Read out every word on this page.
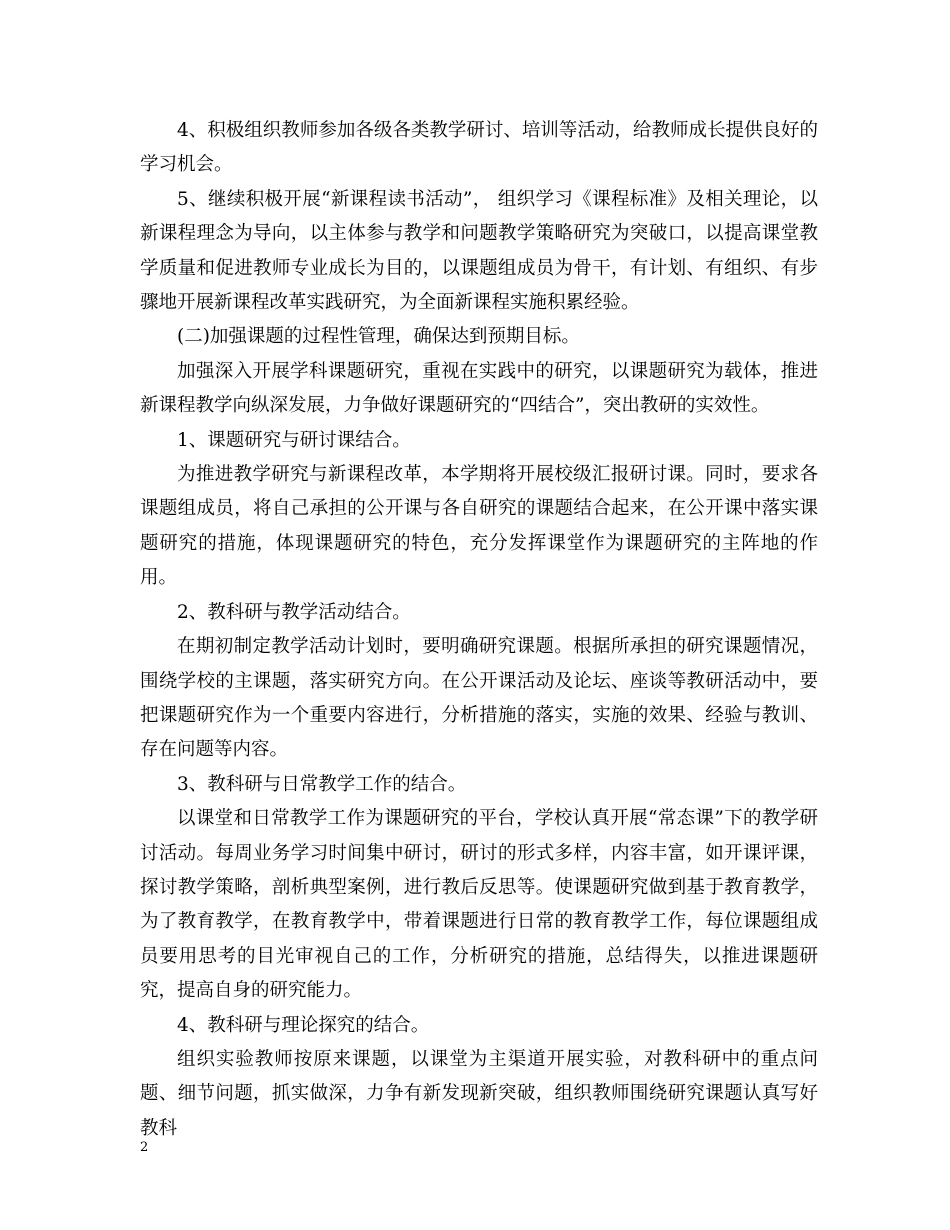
4、积极组织教师参加各级各类教学研讨、培训等活动，给教师成长提供良好的学习机会。

5、继续积极开展“新课程读书活动”， 组织学习《课程标准》及相关理论，以新课程理念为导向，以主体参与教学和问题教学策略研究为突破口，以提高课堂教学质量和促进教师专业成长为目的，以课题组成员为骨干，有计划、有组织、有步骤地开展新课程改革实践研究，为全面新课程实施积累经验。

(二)加强课题的过程性管理，确保达到预期目标。

加强深入开展学科课题研究，重视在实践中的研究，以课题研究为载体，推进新课程教学向纵深发展，力争做好课题研究的“四结合”，突出教研的实效性。

1、课题研究与研讨课结合。

为推进教学研究与新课程改革，本学期将开展校级汇报研讨课。同时，要求各课题组成员，将自己承担的公开课与各自研究的课题结合起来，在公开课中落实课题研究的措施，体现课题研究的特色，充分发挥课堂作为课题研究的主阵地的作用。

2、教科研与教学活动结合。

在期初制定教学活动计划时，要明确研究课题。根据所承担的研究课题情况，围绕学校的主课题，落实研究方向。在公开课活动及论坛、座谈等教研活动中，要把课题研究作为一个重要内容进行，分析措施的落实，实施的效果、经验与教训、存在问题等内容。

3、教科研与日常教学工作的结合。

以课堂和日常教学工作为课题研究的平台，学校认真开展“常态课”下的教学研讨活动。每周业务学习时间集中研讨，研讨的形式多样，内容丰富，如开课评课，探讨教学策略，剖析典型案例，进行教后反思等。使课题研究做到基于教育教学，为了教育教学，在教育教学中，带着课题进行日常的教育教学工作，每位课题组成员要用思考的目光审视自己的工作，分析研究的措施，总结得失，以推进课题研究，提高自身的研究能力。

4、教科研与理论探究的结合。

组织实验教师按原来课题，以课堂为主渠道开展实验，对教科研中的重点问题、细节问题，抓实做深，力争有新发现新突破，组织教师围绕研究课题认真写好教科

2
